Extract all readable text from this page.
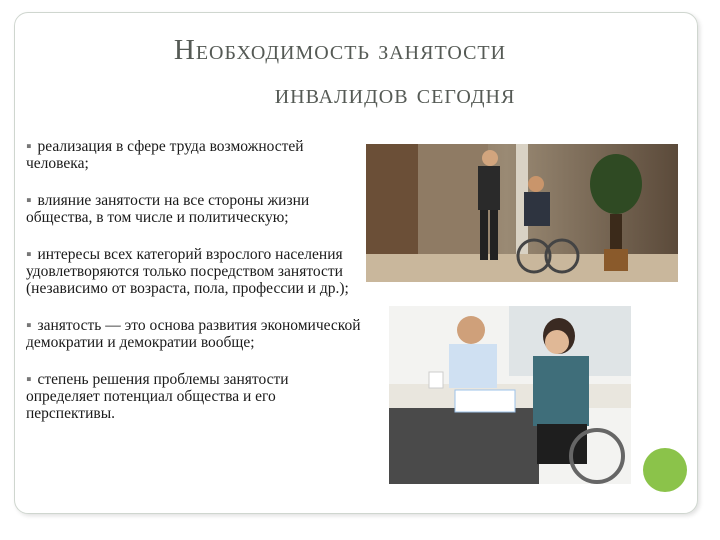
Необходимость занятости
инвалидов сегодня
▪ реализация в сфере труда возможностей человека;
▪ влияние занятости на все стороны жизни общества, в том числе и политическую;
▪ интересы всех категорий взрослого населения удовлетворяются только посредством занятости (независимо от возраста, пола, профессии и др.);
▪ занятость — это основа развития экономической демократии и демократии вообще;
▪ степень решения проблемы занятости определяет потенциал общества и его перспективы.
